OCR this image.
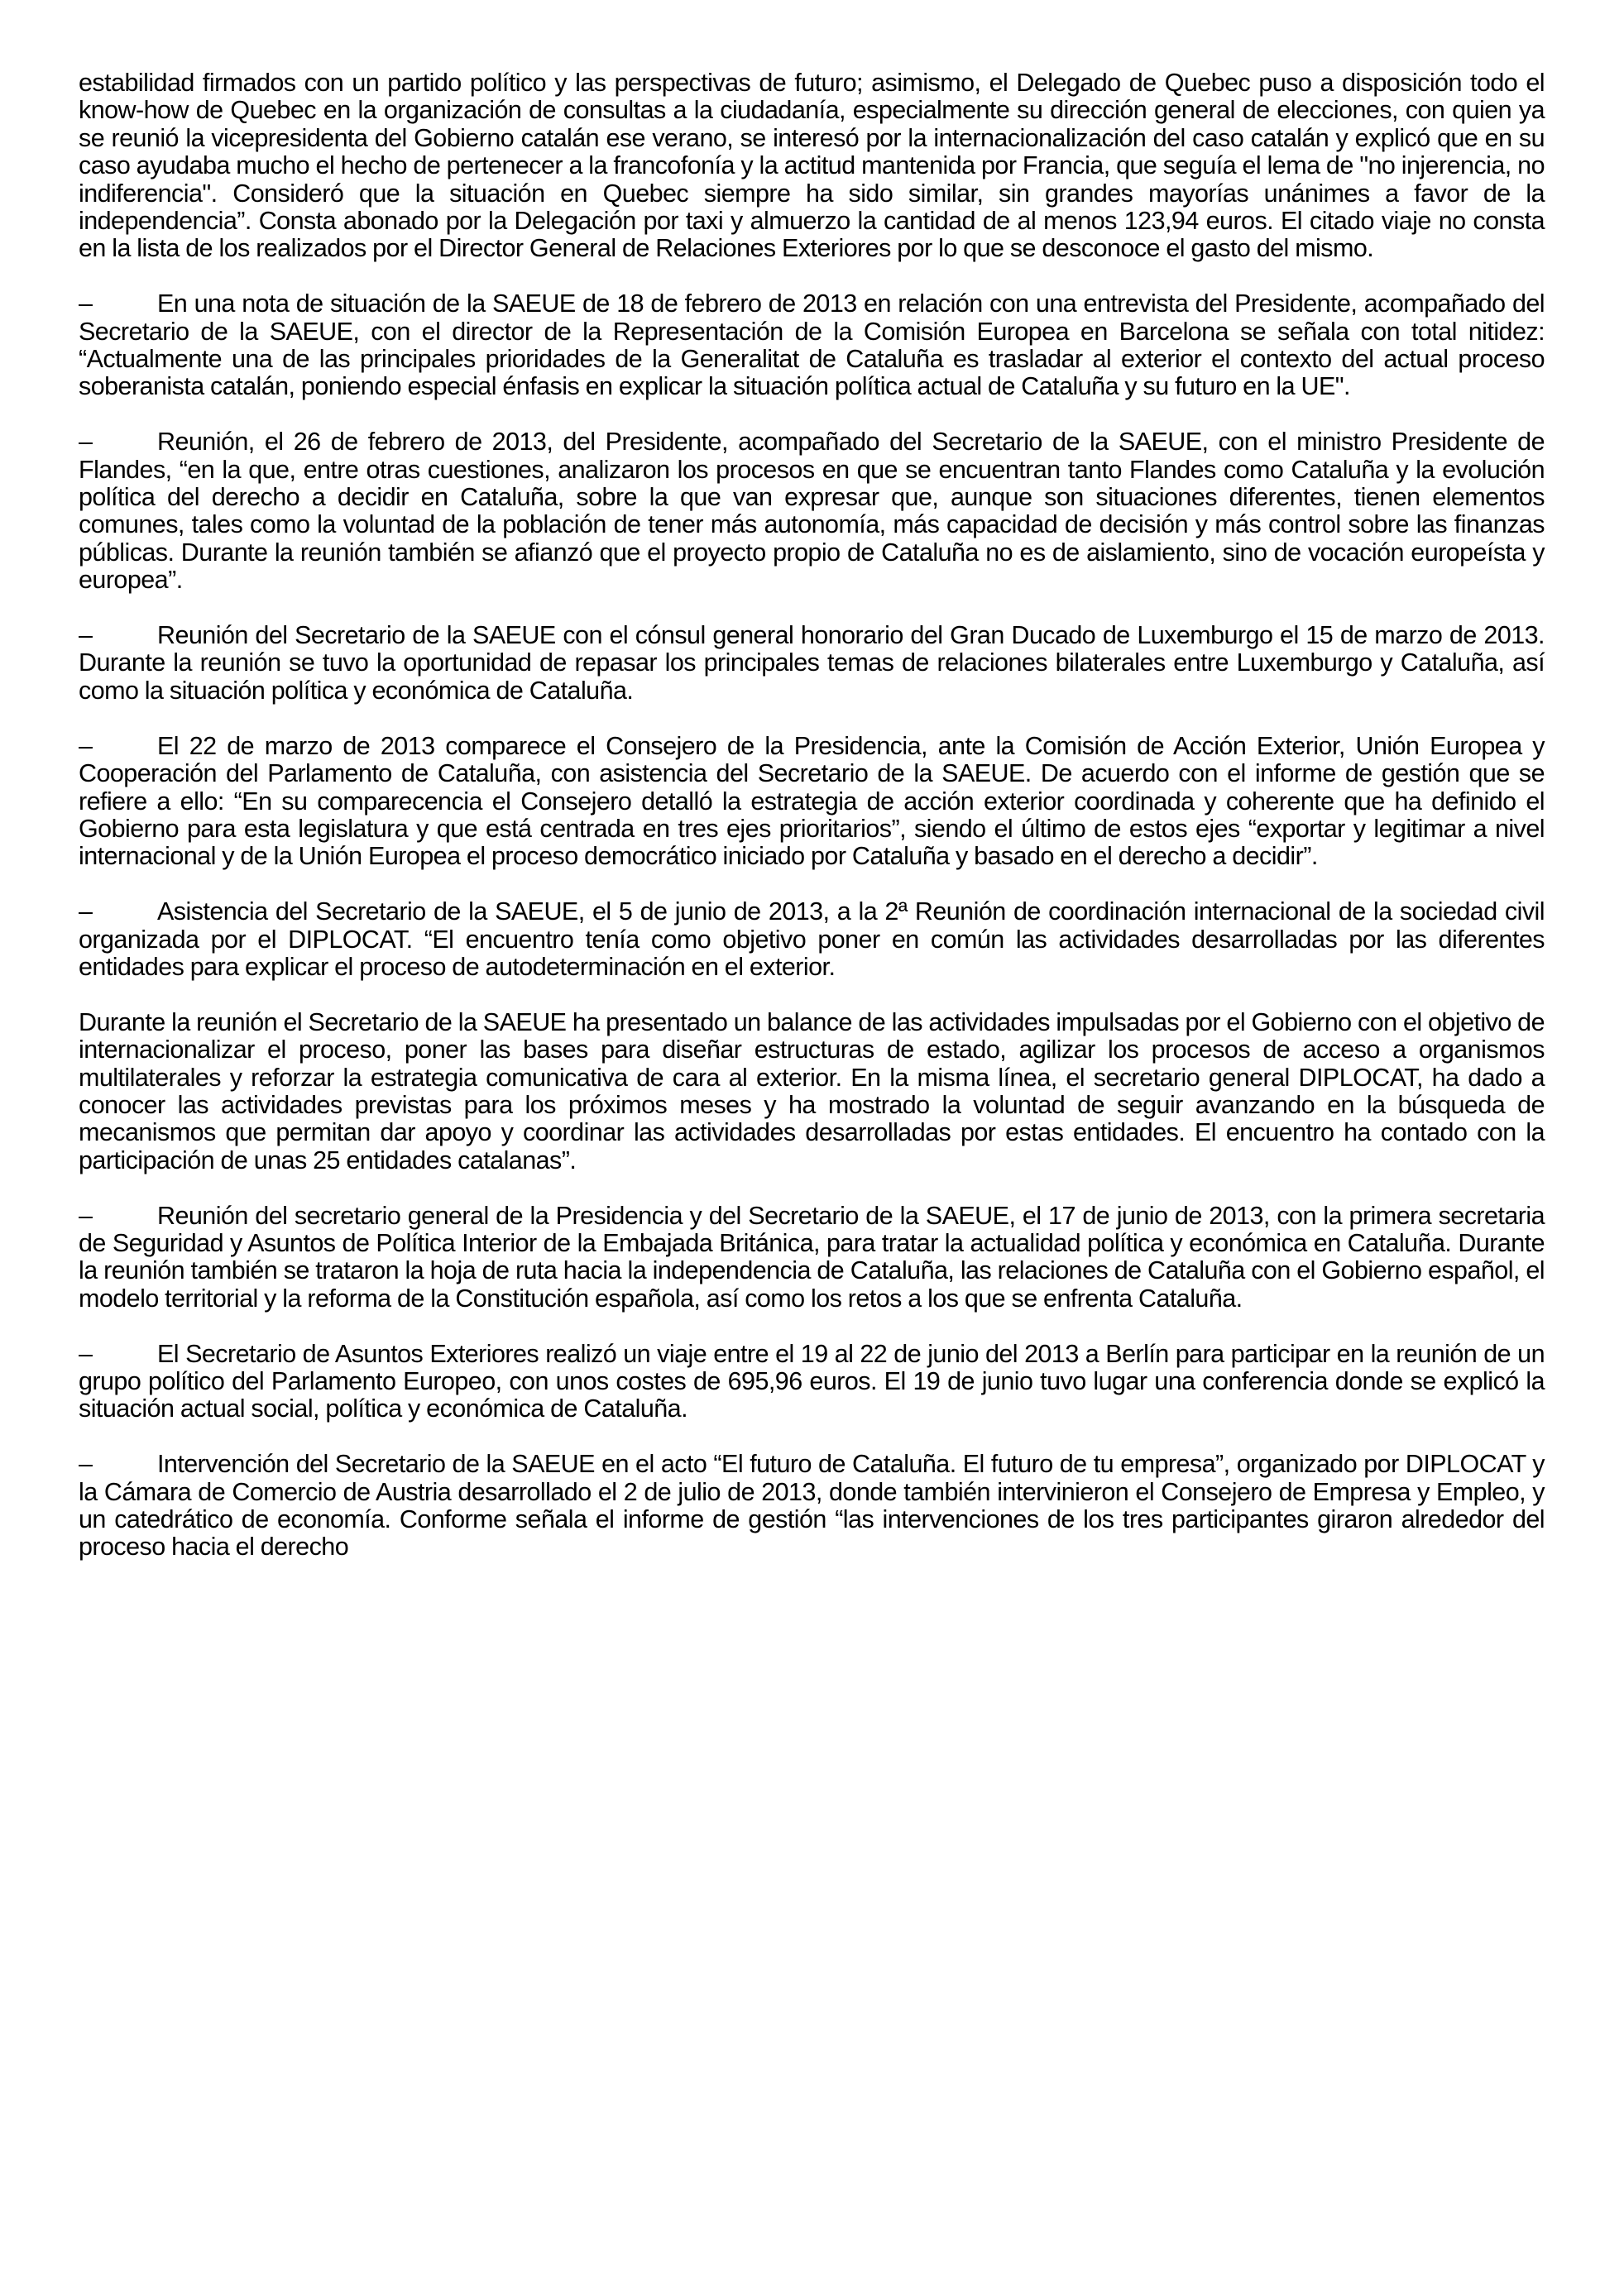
estabilidad firmados con un partido político y las perspectivas de futuro; asimismo, el Delegado de Quebec puso a disposición todo el know-how de Quebec en la organización de consultas a la ciudadanía, especialmente su dirección general de elecciones, con quien ya se reunió la vicepresidenta del Gobierno catalán ese verano, se interesó por la internacionalización del caso catalán y explicó que en su caso ayudaba mucho el hecho de pertenecer a la francofonía y la actitud mantenida por Francia, que seguía el lema de "no injerencia, no indiferencia". Consideró que la situación en Quebec siempre ha sido similar, sin grandes mayorías unánimes a favor de la independencia”. Consta abonado por la Delegación por taxi y almuerzo la cantidad de al menos 123,94 euros. El citado viaje no consta en la lista de los realizados por el Director General de Relaciones Exteriores por lo que se desconoce el gasto del mismo.

–	En una nota de situación de la SAEUE de 18 de febrero de 2013 en relación con una entrevista del Presidente, acompañado del Secretario de la SAEUE, con el director de la Representación de la Comisión Europea en Barcelona se señala con total nitidez: “Actualmente una de las principales prioridades de la Generalitat de Cataluña es trasladar al exterior el contexto del actual proceso soberanista catalán, poniendo especial énfasis en explicar la situación política actual de Cataluña y su futuro en la UE".

–	Reunión, el 26 de febrero de 2013, del Presidente, acompañado del Secretario de la SAEUE, con el ministro Presidente de Flandes, “en la que, entre otras cuestiones, analizaron los procesos en que se encuentran tanto Flandes como Cataluña y la evolución política del derecho a decidir en Cataluña, sobre la que van expresar que, aunque son situaciones diferentes, tienen elementos comunes, tales como la voluntad de la población de tener más autonomía, más capacidad de decisión y más control sobre las finanzas públicas. Durante la reunión también se afianzó que el proyecto propio de Cataluña no es de aislamiento, sino de vocación europeísta y europea”.

–	Reunión del Secretario de la SAEUE con el cónsul general honorario del Gran Ducado de Luxemburgo el 15 de marzo de 2013. Durante la reunión se tuvo la oportunidad de repasar los principales temas de relaciones bilaterales entre Luxemburgo y Cataluña, así como la situación política y económica de Cataluña.

–	El 22 de marzo de 2013 comparece el Consejero de la Presidencia, ante la Comisión de Acción Exterior, Unión Europea y Cooperación del Parlamento de Cataluña, con asistencia del Secretario de la SAEUE. De acuerdo con el informe de gestión que se refiere a ello: “En su comparecencia el Consejero detalló la estrategia de acción exterior coordinada y coherente que ha definido el Gobierno para esta legislatura y que está centrada en tres ejes prioritarios”, siendo el último de estos ejes “exportar y legitimar a nivel internacional y de la Unión Europea el proceso democrático iniciado por Cataluña y basado en el derecho a decidir”.

–	Asistencia del Secretario de la SAEUE, el 5 de junio de 2013, a la 2ª Reunión de coordinación internacional de la sociedad civil organizada por el DIPLOCAT. “El encuentro tenía como objetivo poner en común las actividades desarrolladas por las diferentes entidades para explicar el proceso de autodeterminación en el exterior.

Durante la reunión el Secretario de la SAEUE ha presentado un balance de las actividades impulsadas por el Gobierno con el objetivo de internacionalizar el proceso, poner las bases para diseñar estructuras de estado, agilizar los procesos de acceso a organismos multilaterales y reforzar la estrategia comunicativa de cara al exterior. En la misma línea, el secretario general DIPLOCAT, ha dado a conocer las actividades previstas para los próximos meses y ha mostrado la voluntad de seguir avanzando en la búsqueda de mecanismos que permitan dar apoyo y coordinar las actividades desarrolladas por estas entidades. El encuentro ha contado con la participación de unas 25 entidades catalanas”.

–	Reunión del secretario general de la Presidencia y del Secretario de la SAEUE, el 17 de junio de 2013, con la primera secretaria de Seguridad y Asuntos de Política Interior de la Embajada Británica, para tratar la actualidad política y económica en Cataluña. Durante la reunión también se trataron la hoja de ruta hacia la independencia de Cataluña, las relaciones de Cataluña con el Gobierno español, el modelo territorial y la reforma de la Constitución española, así como los retos a los que se enfrenta Cataluña.

–	El Secretario de Asuntos Exteriores realizó un viaje entre el 19 al 22 de junio del 2013 a Berlín para participar en la reunión de un grupo político del Parlamento Europeo, con unos costes de 695,96 euros. El 19 de junio tuvo lugar una conferencia donde se explicó la situación actual social, política y económica de Cataluña.

–	Intervención del Secretario de la SAEUE en el acto “El futuro de Cataluña. El futuro de tu empresa”, organizado por DIPLOCAT y la Cámara de Comercio de Austria desarrollado el 2 de julio de 2013, donde también intervinieron el Consejero de Empresa y Empleo, y un catedrático de economía. Conforme señala el informe de gestión “las intervenciones de los tres participantes giraron alrededor del proceso hacia el derecho
